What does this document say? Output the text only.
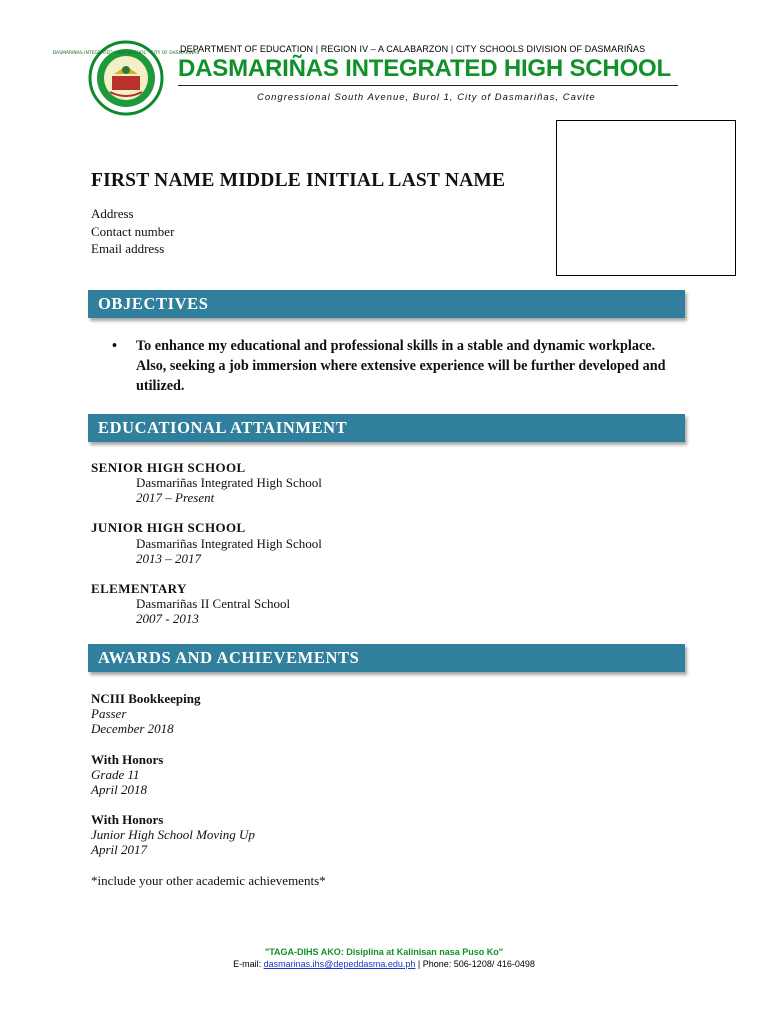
DASMARIÑAS INTEGRATED HIGH SCHOOL · CITY OF DASMARIÑAS
DEPARTMENT OF EDUCATION | REGION IV – A CALABARZON | CITY SCHOOLS DIVISION OF DASMARIÑAS
DASMARIÑAS INTEGRATED HIGH SCHOOL
Congressional South Avenue, Burol 1, City of Dasmariñas, Cavite
FIRST NAME MIDDLE INITIAL LAST NAME
Address
Contact number
Email address
OBJECTIVES
•	To enhance my educational and professional skills in a stable and dynamic workplace. Also, seeking a job immersion where extensive experience will be further developed and utilized.
EDUCATIONAL ATTAINMENT
SENIOR HIGH SCHOOL
Dasmariñas Integrated High School
2017 – Present
JUNIOR HIGH SCHOOL
Dasmariñas Integrated High School
2013 – 2017
ELEMENTARY
Dasmariñas II Central School
2007 - 2013
AWARDS AND ACHIEVEMENTS
NCIII Bookkeeping
Passer
December 2018
With Honors
Grade 11
April 2018
With Honors
Junior High School Moving Up
April 2017
*include your other academic achievements*
"TAGA-DIHS AKO: Disiplina at Kalinisan nasa Puso Ko"
E-mail: dasmarinas.ihs@depeddasma.edu.ph | Phone: 506-1208/ 416-0498
